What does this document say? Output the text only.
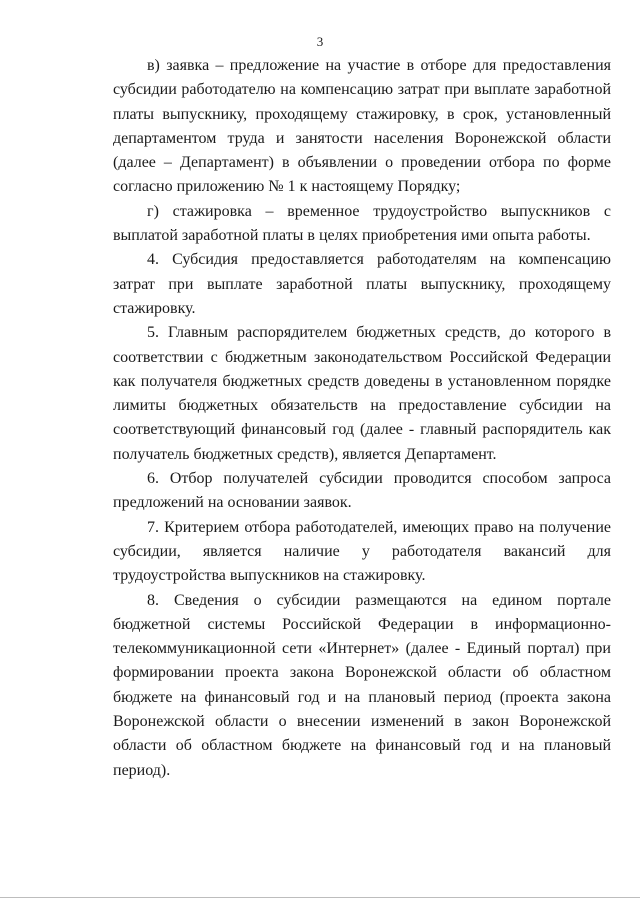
3

в) заявка – предложение на участие в отборе для предоставления субсидии работодателю на компенсацию затрат при выплате заработной платы выпускнику, проходящему стажировку, в срок, установленный департаментом труда и занятости населения Воронежской области (далее – Департамент) в объявлении о проведении отбора по форме согласно приложению № 1 к настоящему Порядку;

г) стажировка – временное трудоустройство выпускников с выплатой заработной платы в целях приобретения ими опыта работы.

4. Субсидия предоставляется работодателям на компенсацию затрат при выплате заработной платы выпускнику, проходящему стажировку.

5. Главным распорядителем бюджетных средств, до которого в соответствии с бюджетным законодательством Российской Федерации как получателя бюджетных средств доведены в установленном порядке лимиты бюджетных обязательств на предоставление субсидии на соответствующий финансовый год (далее - главный распорядитель как получатель бюджетных средств), является Департамент.

6. Отбор получателей субсидии проводится способом запроса предложений на основании заявок.

7. Критерием отбора работодателей, имеющих право на получение субсидии, является наличие у работодателя вакансий для трудоустройства выпускников на стажировку.

8. Сведения о субсидии размещаются на едином портале бюджетной системы Российской Федерации в информационно-телекоммуникационной сети «Интернет» (далее - Единый портал) при формировании проекта закона Воронежской области об областном бюджете на финансовый год и на плановый период (проекта закона Воронежской области о внесении изменений в закон Воронежской области об областном бюджете на финансовый год и на плановый период).
